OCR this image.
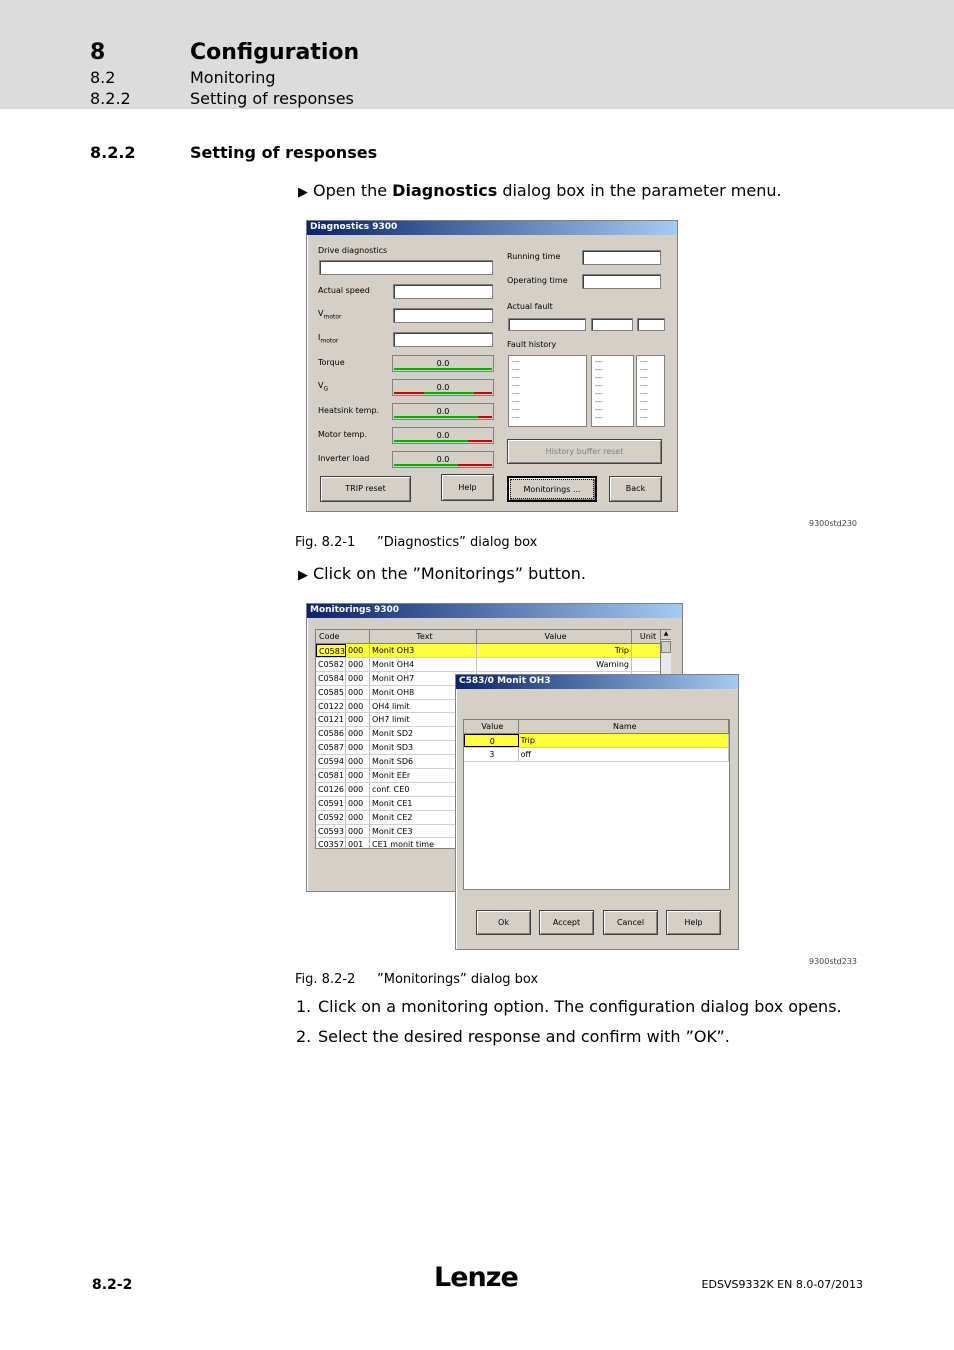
8	Configuration
8.2	Monitoring
8.2.2	Setting of responses
8.2.2	Setting of responses
▶ Open the Diagnostics dialog box in the parameter menu.
Diagnostics 9300
Drive diagnostics
Actual speed
$V_{motor}$
$I_{motor}$
Torque	0.0
$V_G$	0.0
Heatsink temp.	0.0
Motor temp.	0.0
Inverter load	0.0
Running time
Operating time
Actual fault
Fault history
---
---
---
---
---
---
---
---
---
---
---
---
---
---
---
---
---
---
---
---
---
---
---
---
History buffer reset
TRIP reset	Help	Monitorings ...	Back
9300std230
Fig. 8.2-1 ”Diagnostics” dialog box
▶ Click on the ”Monitorings” button.
Monitorings 9300
Code	Text	Value	Unit
C0583 000	Monit OH3	Trip
C0582 000	Monit OH4	Warning
C0584 000	Monit OH7
C0585 000	Monit OH8
C0122 000	OH4 limit
C0121 000	OH7 limit
C0586 000	Monit SD2
C0587 000	Monit SD3
C0594 000	Monit SD6
C0581 000	Monit EEr
C0126 000	conf. CE0
C0591 000	Monit CE1
C0592 000	Monit CE2
C0593 000	Monit CE3
C0357 001	CE1 monit time
▲
C583/0 Monit OH3
Value	Name
0	Trip
3	off
Ok	Accept	Cancel	Help
9300std233
Fig. 8.2-2 ”Monitorings” dialog box
1. Click on a monitoring option. The configuration dialog box opens.
2. Select the desired response and confirm with ”OK”.
8.2-2	Lenze	EDSVS9332K EN 8.0-07/2013
